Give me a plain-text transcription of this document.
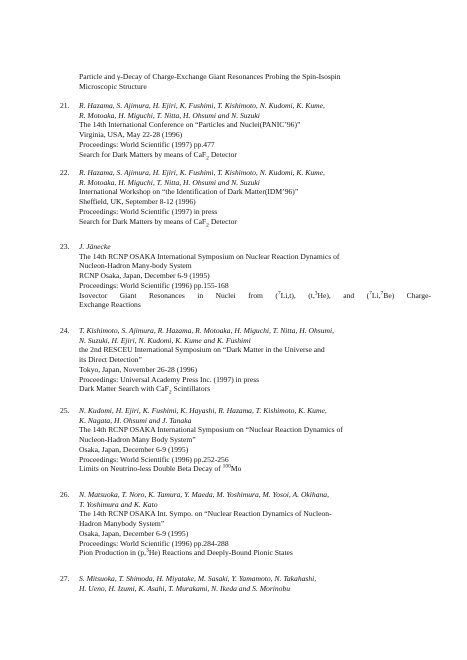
Particle and γ-Decay of Charge-Exchange Giant Resonances Probing the Spin-Isospin
Microscopic Structure
21.	R. Hazama, S. Ajimura, H. Ejiri, K. Fushimi, T. Kishimoto, N. Kudomi, K. Kume,
R. Motoaka, H. Miguchi, T. Nitta, H. Ohsumi and N. Suzuki
The 14th International Conference on “Particles and Nuclei(PANIC’96)”
Virginia, USA, May 22-28 (1996)
Proceedings: World Scientific (1997) pp.477
Search for Dark Matters by means of CaF$_2$ Detector
22.	R. Hazama, S. Ajimura, H. Ejiri, K. Fushimi, T. Kishimoto, N. Kudomi, K. Kume,
R. Motoaka, H. Miguchi, T. Nitta, H. Ohsumi and N. Suzuki
International Workshop on “the Identification of Dark Matter(IDM’96)”
Sheffield, UK, September 8-12 (1996)
Proceedings: World Scientific (1997) in press
Search for Dark Matters by means of CaF$_2$ Detector
23.	J. Jänecke
The 14th RCNP OSAKA International Symposium on Nuclear Reaction Dynamics of
Nucleon-Hadron Many-body System
RCNP Osaka, Japan, December 6-9 (1995)
Proceedings: World Scientific (1996) pp.155-168
Isovector Giant Resonances in Nuclei from ($^7$Li,t), (t,$^3$He), and ($^7$Li,$^7$Be) Charge-
Exchange Reactions
24.	T. Kishimoto, S. Ajimura, R. Hazama, R. Motoaka, H. Miguchi, T. Nitta, H. Ohsumi,
N. Suzuki, H. Ejiri, N. Kudomi, K. Kume and K. Fushimi
the 2nd RESCEU International Symposium on “Dark Matter in the Universe and
its Direct Detection”
Tokyo, Japan, November 26-28 (1996)
Proceedings: Universal Academy Press Inc. (1997) in press
Dark Matter Search with CaF$_2$ Scintillators
25.	N. Kudomi, H. Ejiri, K. Fushimi, K. Hayashi, R. Hazama, T. Kishimoto, K. Kume,
K. Nagata, H. Ohsumi and J. Tanaka
The 14th RCNP OSAKA International Symposium on “Nuclear Reaction Dynamics of
Nucleon-Hadron Many Body System”
Osaka, Japan, December 6-9 (1995)
Proceedings: World Scientific (1996) pp.252-256
Limits on Neutrino-less Double Beta Decay of $^{100}$Mo
26.	N. Matsuoka, T. Noro, K. Tamura, Y. Maeda, M. Yoshimura, M. Yosoi, A. Okihana,
T. Yoshimura and K. Kato
The 14th RCNP OSAKA Int. Sympo. on “Nuclear Reaction Dynamics of Nucleon-
Hadron Manybody System”
Osaka, Japan, December 6-9 (1995)
Proceedings: World Scientific (1996) pp.284-288
Pion Production in (p,$^3$He) Reactions and Deeply-Bound Pionic States
27.	S. Mitsuoka, T. Shimoda, H. Miyatake, M. Sasaki, Y. Yamamoto, N. Takahashi,
H. Ueno, H. Izumi, K. Asahi, T. Murakami, N. Ikeda and S. Morinobu
